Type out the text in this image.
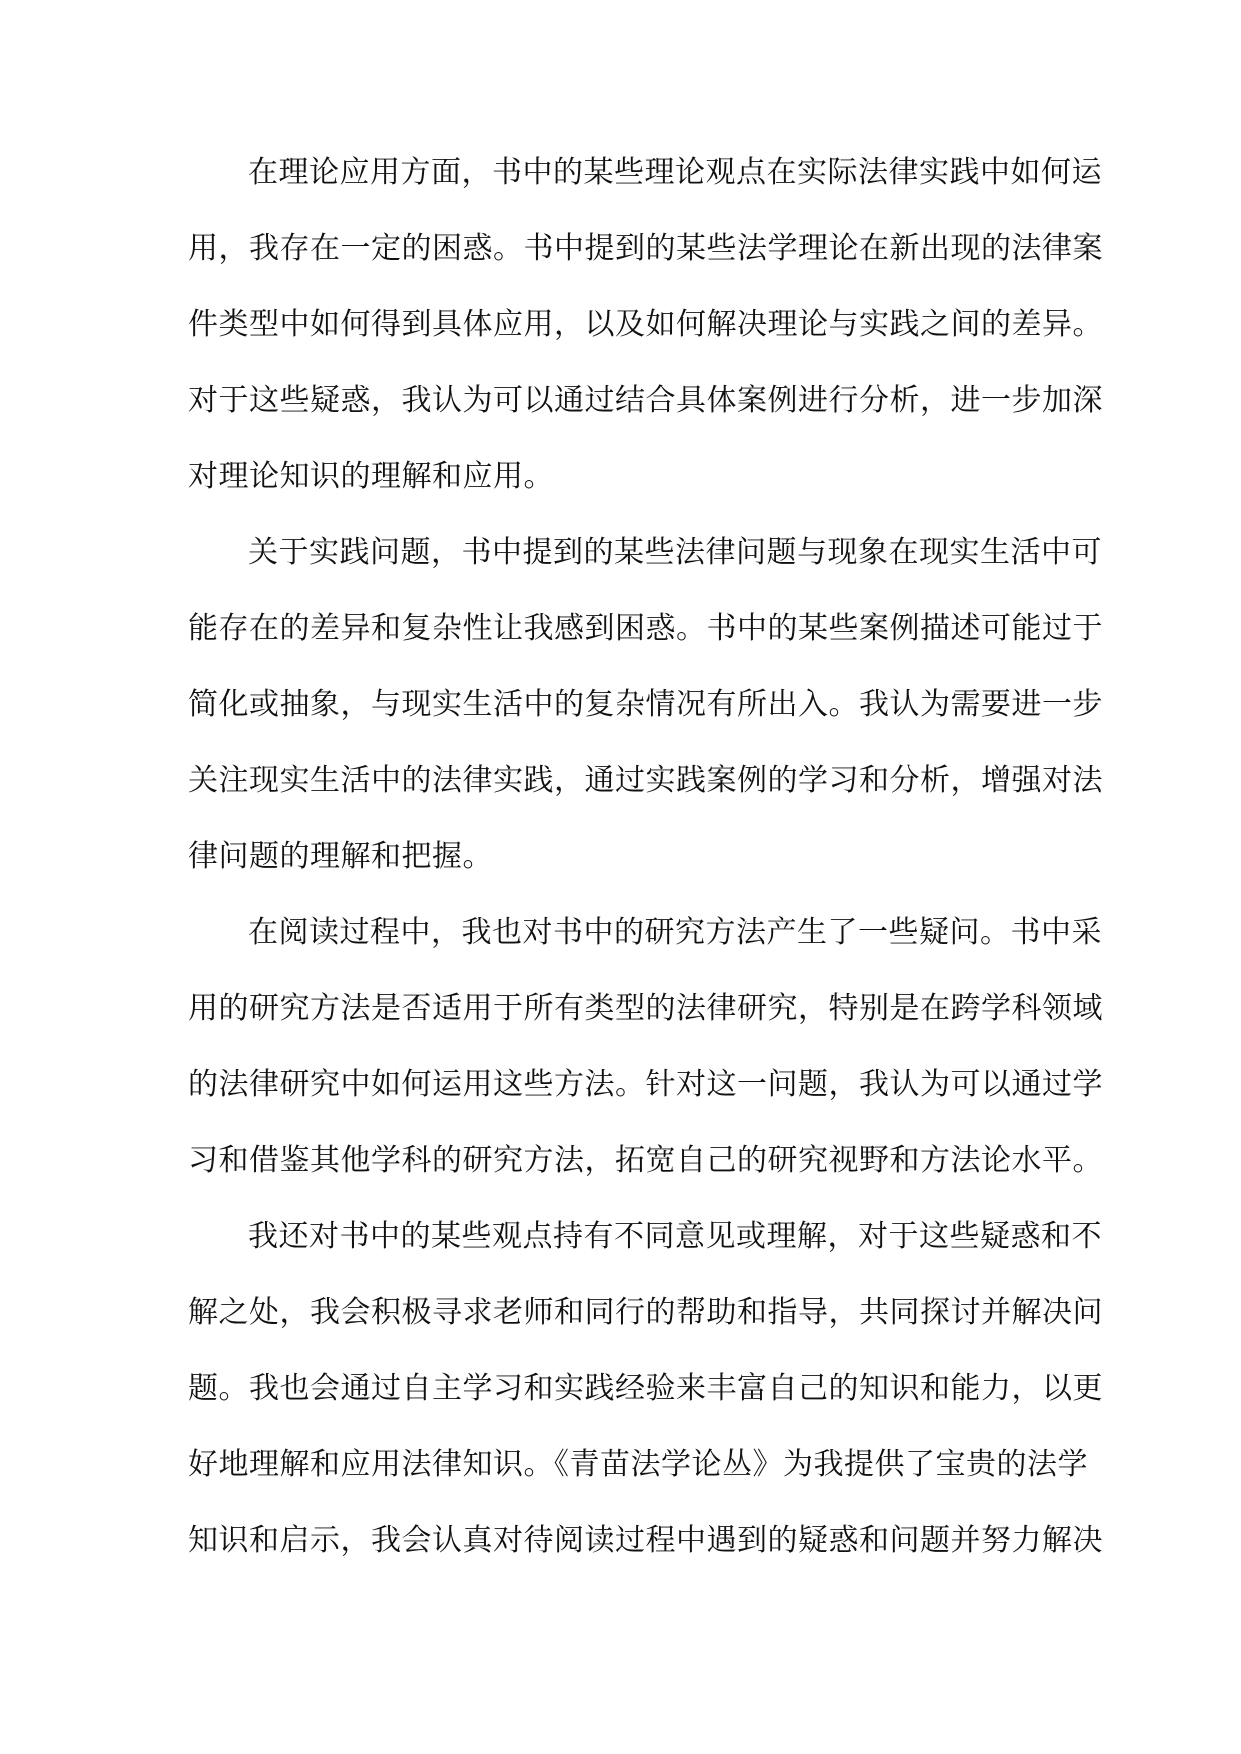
在理论应用方面，书中的某些理论观点在实际法律实践中如何运
用，我存在一定的困惑。书中提到的某些法学理论在新出现的法律案
件类型中如何得到具体应用，以及如何解决理论与实践之间的差异。
对于这些疑惑，我认为可以通过结合具体案例进行分析，进一步加深
对理论知识的理解和应用。
关于实践问题，书中提到的某些法律问题与现象在现实生活中可
能存在的差异和复杂性让我感到困惑。书中的某些案例描述可能过于
简化或抽象，与现实生活中的复杂情况有所出入。我认为需要进一步
关注现实生活中的法律实践，通过实践案例的学习和分析，增强对法
律问题的理解和把握。
在阅读过程中，我也对书中的研究方法产生了一些疑问。书中采
用的研究方法是否适用于所有类型的法律研究，特别是在跨学科领域
的法律研究中如何运用这些方法。针对这一问题，我认为可以通过学
习和借鉴其他学科的研究方法，拓宽自己的研究视野和方法论水平。
我还对书中的某些观点持有不同意见或理解，对于这些疑惑和不
解之处，我会积极寻求老师和同行的帮助和指导，共同探讨并解决问
题。我也会通过自主学习和实践经验来丰富自己的知识和能力，以更
好地理解和应用法律知识。《青苗法学论丛》为我提供了宝贵的法学
知识和启示，我会认真对待阅读过程中遇到的疑惑和问题并努力解决
